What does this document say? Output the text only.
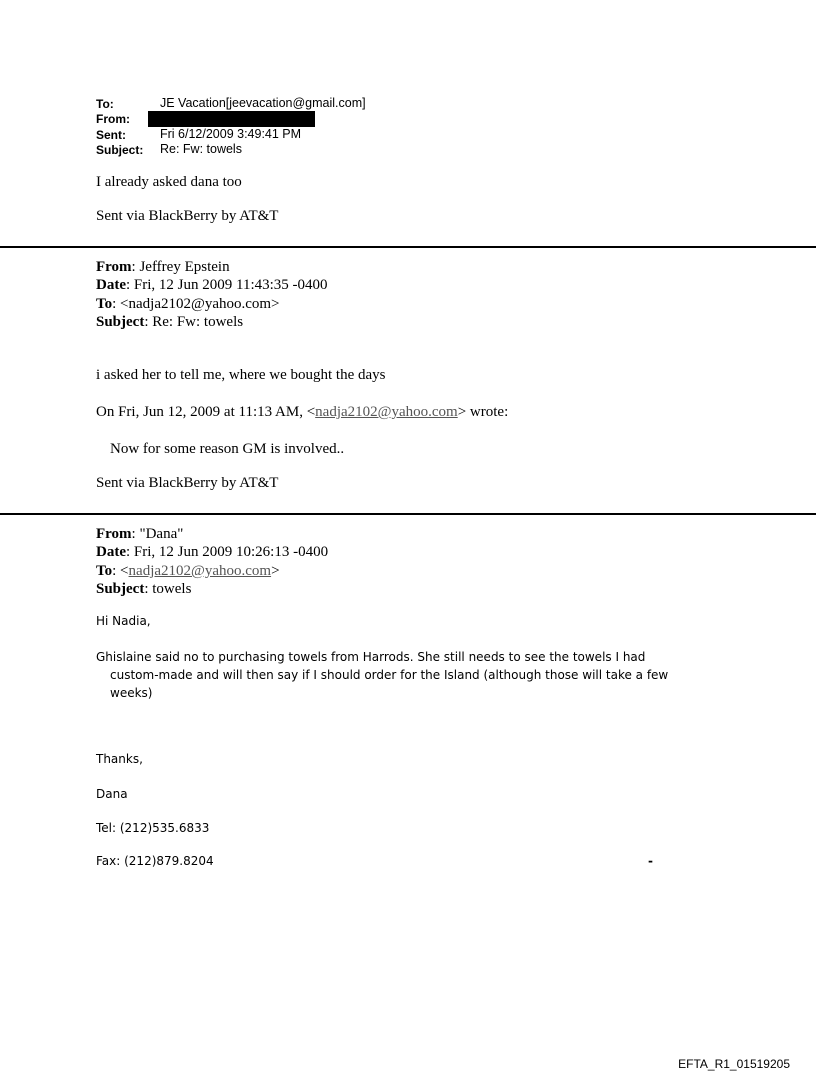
To:	JE Vacation[jeevacation@gmail.com]
From:
Sent:	Fri 6/12/2009 3:49:41 PM
Subject: Re: Fw: towels
I already asked dana too
Sent via BlackBerry by AT&T
From: Jeffrey Epstein
Date: Fri, 12 Jun 2009 11:43:35 -0400
To: <nadja2102@yahoo.com>
Subject: Re: Fw: towels
i asked her to tell me, where we bought the days
On Fri, Jun 12, 2009 at 11:13 AM, <nadja2102@yahoo.com> wrote:
Now for some reason GM is involved..
Sent via BlackBerry by AT&T
From: "Dana"
Date: Fri, 12 Jun 2009 10:26:13 -0400
To: <nadja2102@yahoo.com>
Subject: towels
Hi Nadia,
Ghislaine said no to purchasing towels from Harrods. She still needs to see the towels I had
custom-made and will then say if I should order for the Island (although those will take a few
weeks)
Thanks,
Dana
Tel: (212)535.6833
Fax: (212)879.8204	-
EFTA_R1_01519205
